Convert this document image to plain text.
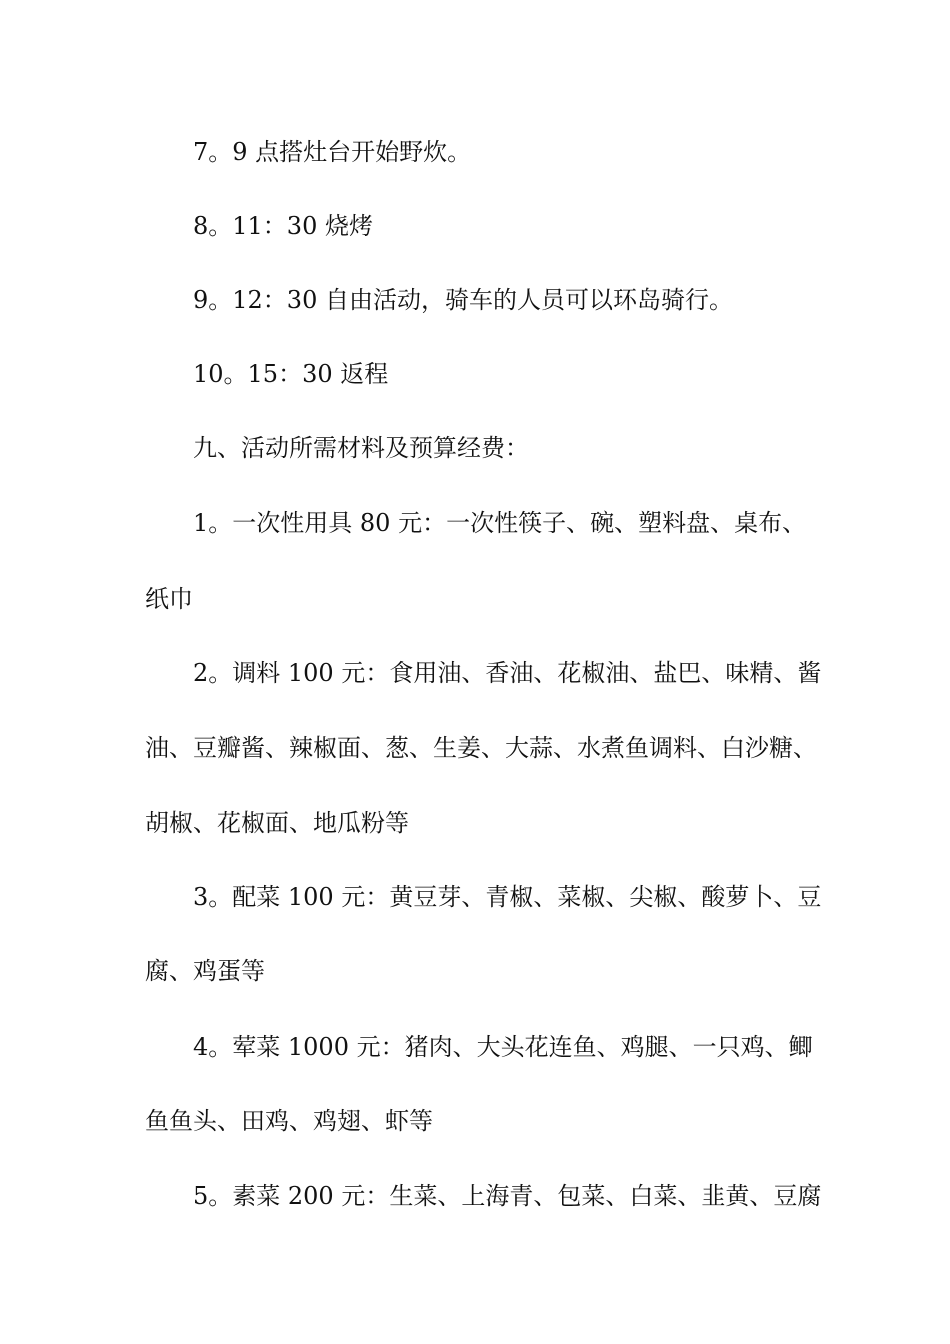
7。9 点搭灶台开始野炊。
8。11：30 烧烤
9。12：30 自由活动，骑车的人员可以环岛骑行。
10。15：30 返程
九、活动所需材料及预算经费：
1。一次性用具 80 元：一次性筷子、碗、塑料盘、桌布、
纸巾
2。调料 100 元：食用油、香油、花椒油、盐巴、味精、酱
油、豆瓣酱、辣椒面、葱、生姜、大蒜、水煮鱼调料、白沙糖、
胡椒、花椒面、地瓜粉等
3。配菜 100 元：黄豆芽、青椒、菜椒、尖椒、酸萝卜、豆
腐、鸡蛋等
4。荤菜 1000 元：猪肉、大头花连鱼、鸡腿、一只鸡、鲫
鱼鱼头、田鸡、鸡翅、虾等
5。素菜 200 元：生菜、上海青、包菜、白菜、韭黄、豆腐
